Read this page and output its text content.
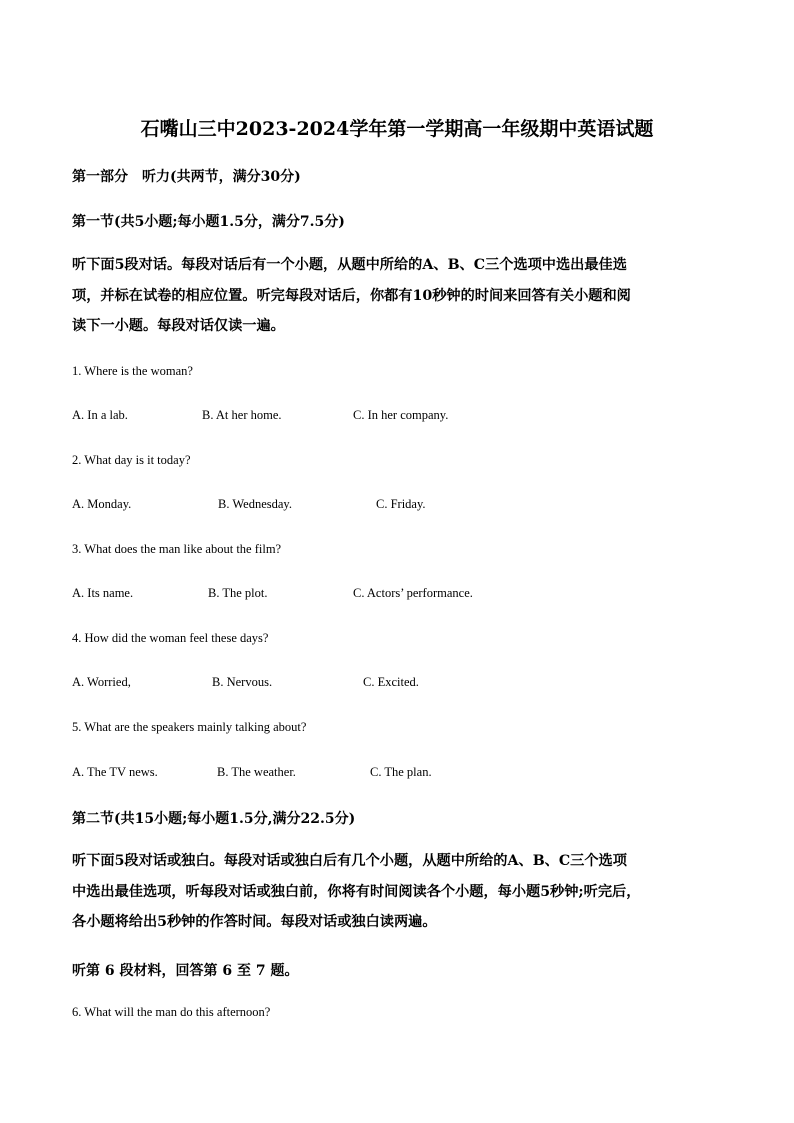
石嘴山三中2023-2024学年第一学期高一年级期中英语试题
第一部分　听力(共两节，满分30分)
第一节(共5小题;每小题1.5分，满分7.5分)
听下面5段对话。每段对话后有一个小题，从题中所给的A、B、C三个选项中选出最佳选
项，并标在试卷的相应位置。听完每段对话后，你都有10秒钟的时间来回答有关小题和阅
读下一小题。每段对话仅读一遍。
1. Where is the woman?
A. In a lab.	B. At her home.	C. In her company.
2. What day is it today?
A. Monday.	B. Wednesday.	C. Friday.
3. What does the man like about the film?
A. Its name.	B. The plot.	C. Actors’ performance.
4. How did the woman feel these days?
A. Worried,	B. Nervous.	C. Excited.
5. What are the speakers mainly talking about?
A. The TV news.	B. The weather.	C. The plan.
第二节(共15小题;每小题1.5分,满分22.5分)
听下面5段对话或独白。每段对话或独白后有几个小题，从题中所给的A、B、C三个选项
中选出最佳选项，听每段对话或独白前，你将有时间阅读各个小题，每小题5秒钟;听完后，
各小题将给出5秒钟的作答时间。每段对话或独白读两遍。
听第 6 段材料，回答第 6 至 7 题。
6. What will the man do this afternoon?
